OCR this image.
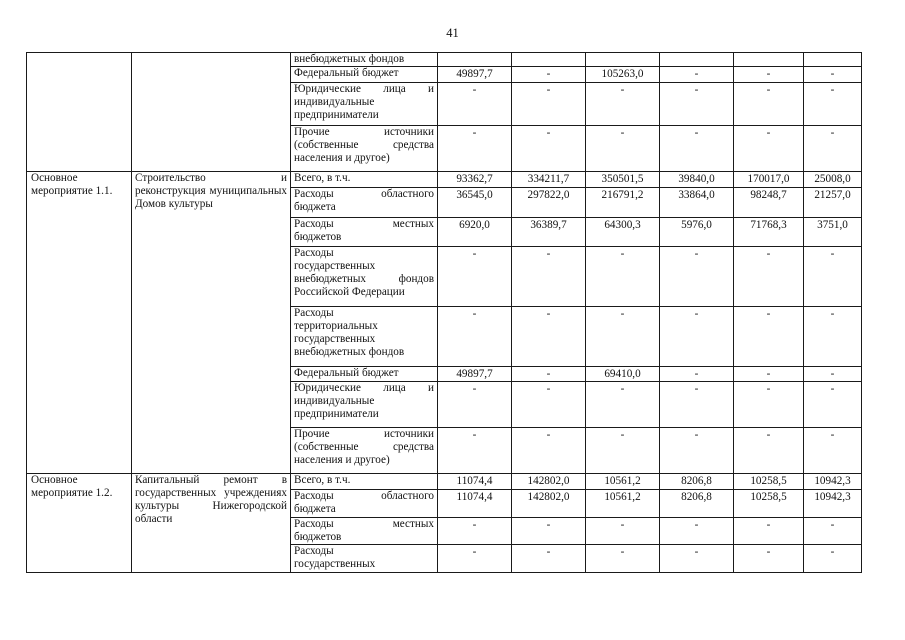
41

		внебюджетных фондов						

		Федеральный бюджет	49897,7	-	105263,0	-	-	-

		Юридические лица и
индивидуальные
предприниматели	-	-	-	-	-	-

		Прочие источники
(собственные средства
населения и другое)	-	-	-	-	-	-
Основное мероприятие 1.1.	Строительство и реконструкция муниципальных Домов культуры	Всего, в т.ч.	93362,7	334211,7	350501,5	39840,0	170017,0	25008,0

		Расходы областного
бюджета	36545,0	297822,0	216791,2	33864,0	98248,7	21257,0

		Расходы местных
бюджетов	6920,0	36389,7	64300,3	5976,0	71768,3	3751,0

		Расходы
государственных
внебюджетных фондов
Российской Федерации	-	-	-	-	-	-

		Расходы
территориальных
государственных
внебюджетных фондов	-	-	-	-	-	-

		Федеральный бюджет	49897,7	-	69410,0	-	-	-

		Юридические лица и
индивидуальные
предприниматели	-	-	-	-	-	-

		Прочие источники
(собственные средства
населения и другое)	-	-	-	-	-	-
Основное мероприятие 1.2.	Капитальный ремонт в государственных учреждениях культуры Нижегородской области	Всего, в т.ч.	11074,4	142802,0	10561,2	8206,8	10258,5	10942,3

		Расходы областного
бюджета	11074,4	142802,0	10561,2	8206,8	10258,5	10942,3

		Расходы местных
бюджетов	-	-	-	-	-	-

		Расходы
государственных	-	-	-	-	-	-
